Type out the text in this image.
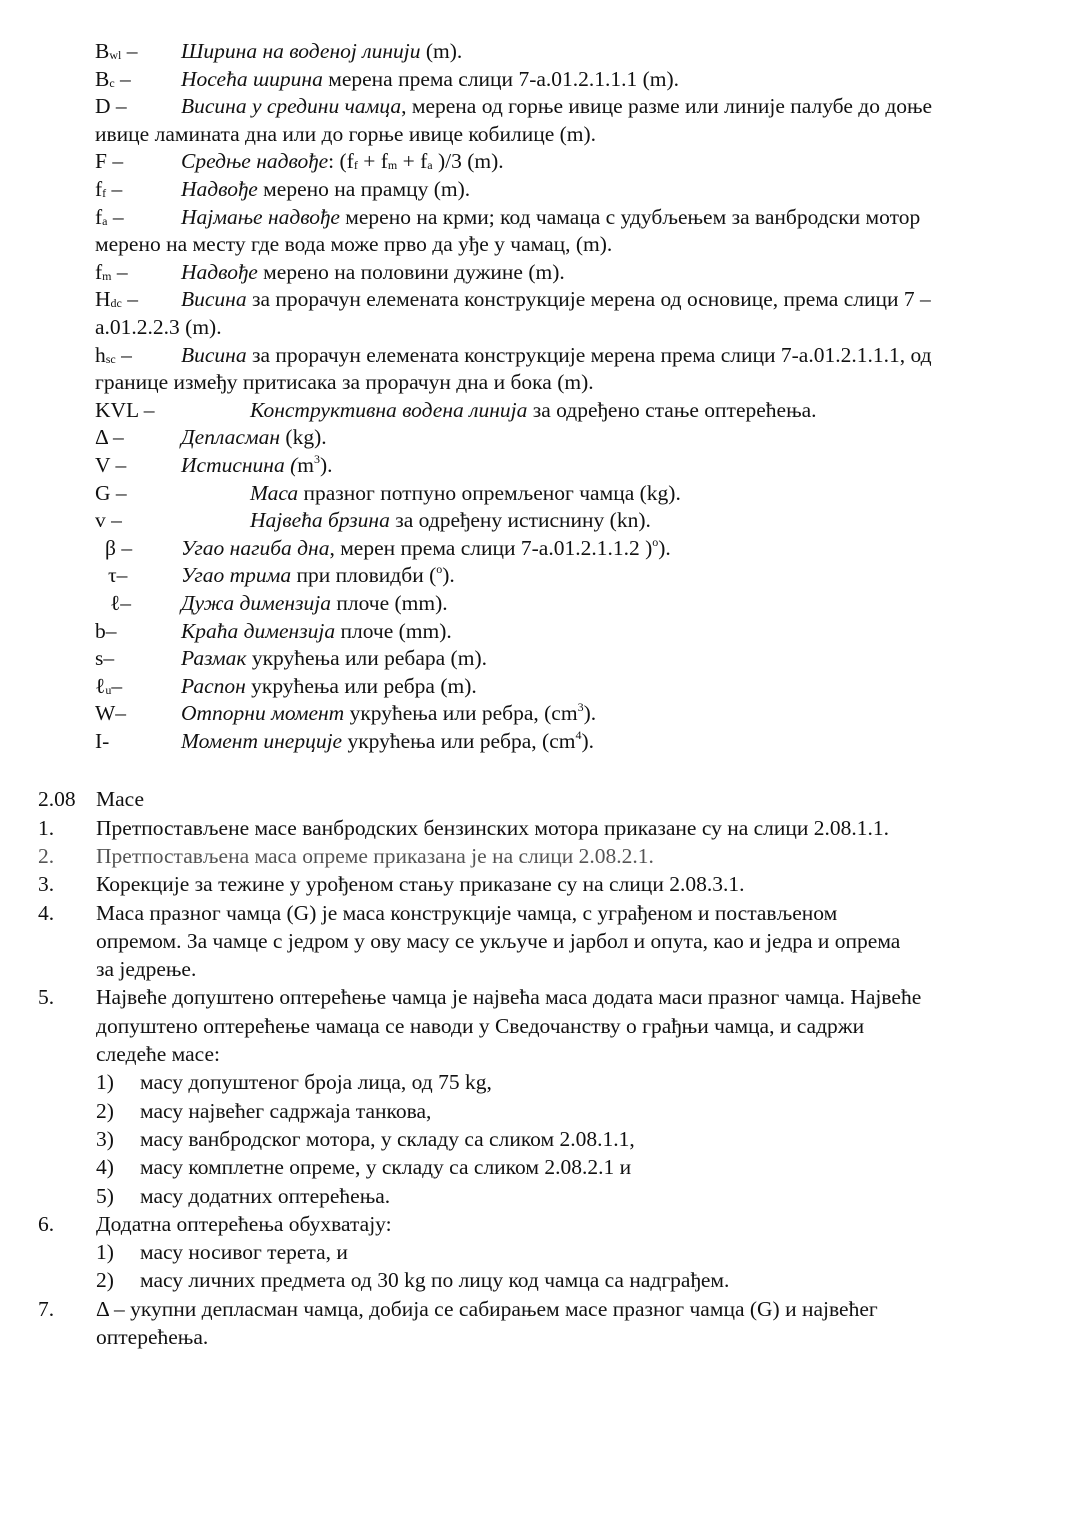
$B_{wl}$ – Ширина на воденој линији (m).
$B_c$ – Носећа ширина мерена према слици 7-а.01.2.1.1.1 (m).
D –	Висина у средини чамца, мерена од горње ивице разме или линије палубе до доње
ивице ламината дна или до горње ивице кобилице (m).
F –	Средње надвође: ($f_f + f_m + f_a$ )/3 (m).
$f_f$ –	Надвође мерено на прамцу (m).
$f_a$ –	Најмање надвође мерено на крми; код чамаца с удубљењем за ванбродски мотор
мерено на месту где вода може прво да уђе у чамац, (m).
$f_m$ – Надвође мерено на половини дужине (m).
$H_{dc}$ – Висина за прорачун елемената конструкције мерена од основице, према слици 7 –
а.01.2.2.3 (m).
$h_{sc}$ – Висина за прорачун елемената конструкције мерена према слици 7-а.01.2.1.1.1, од
границе између притисака за прорачун дна и бока (m).
KVL –	Конструктивна водена линија за одређено стање оптерећења.
Δ –	Депласман (kg).
V –	Истиснина $(m^3)$.
G –	Маса празног потпуно опремљеног чамца (kg).
v –	Највећа брзина за одређену истиснину (kn).
β – Угао нагиба дна, мерен према слици 7-а.01.2.1.1.2 )$^o$).
τ– Угао трима при пловидби ($^o$).
ℓ– Дужа димензија плоче (mm).
b–	Краћа димензија плоче (mm).
s–	Размак укрућења или ребара (m).
ℓ$_u$–	Распон укрућења или ребра (m).
W–	Отпорни момент укрућења или ребра, $(cm^3)$.
I-	Момент инерције укрућења или ребра, $(cm^4)$.
2.08 Масе
1. Претпостављене масе ванбродских бензинских мотора приказане су на слици 2.08.1.1.
2. Претпостављена маса опреме приказана је на слици 2.08.2.1.
3. Корекције за тежине у урођеном стању приказане су на слици 2.08.3.1.
4. Маса празног чамца (G) је маса конструкције чамца, с уграђеном и постављеном
опремом. За чамце с једром у ову масу се укључе и јарбол и опута, као и једра и опрема
за једрење.
5. Највеће допуштено оптерећење чамца је највећа маса додата маси празног чамца. Највеће
допуштено оптерећење чамаца се наводи у Сведочанству о грађњи чамца, и садржи
следеће масе:
1) масу допуштеног броја лица, од 75 kg,
2) масу највећег садржаја танкова,
3) масу ванбродског мотора, у складу са сликом 2.08.1.1,
4) масу комплетне опреме, у складу са сликом 2.08.2.1 и
5) масу додатних оптерећења.
6. Додатна оптерећења обухватају:
1) масу носивог терета, и
2) масу личних предмета од 30 kg по лицу код чамца са надграђем.
7. Δ – укупни депласман чамца, добија се сабирањем масе празног чамца (G) и највећег
оптерећења.
